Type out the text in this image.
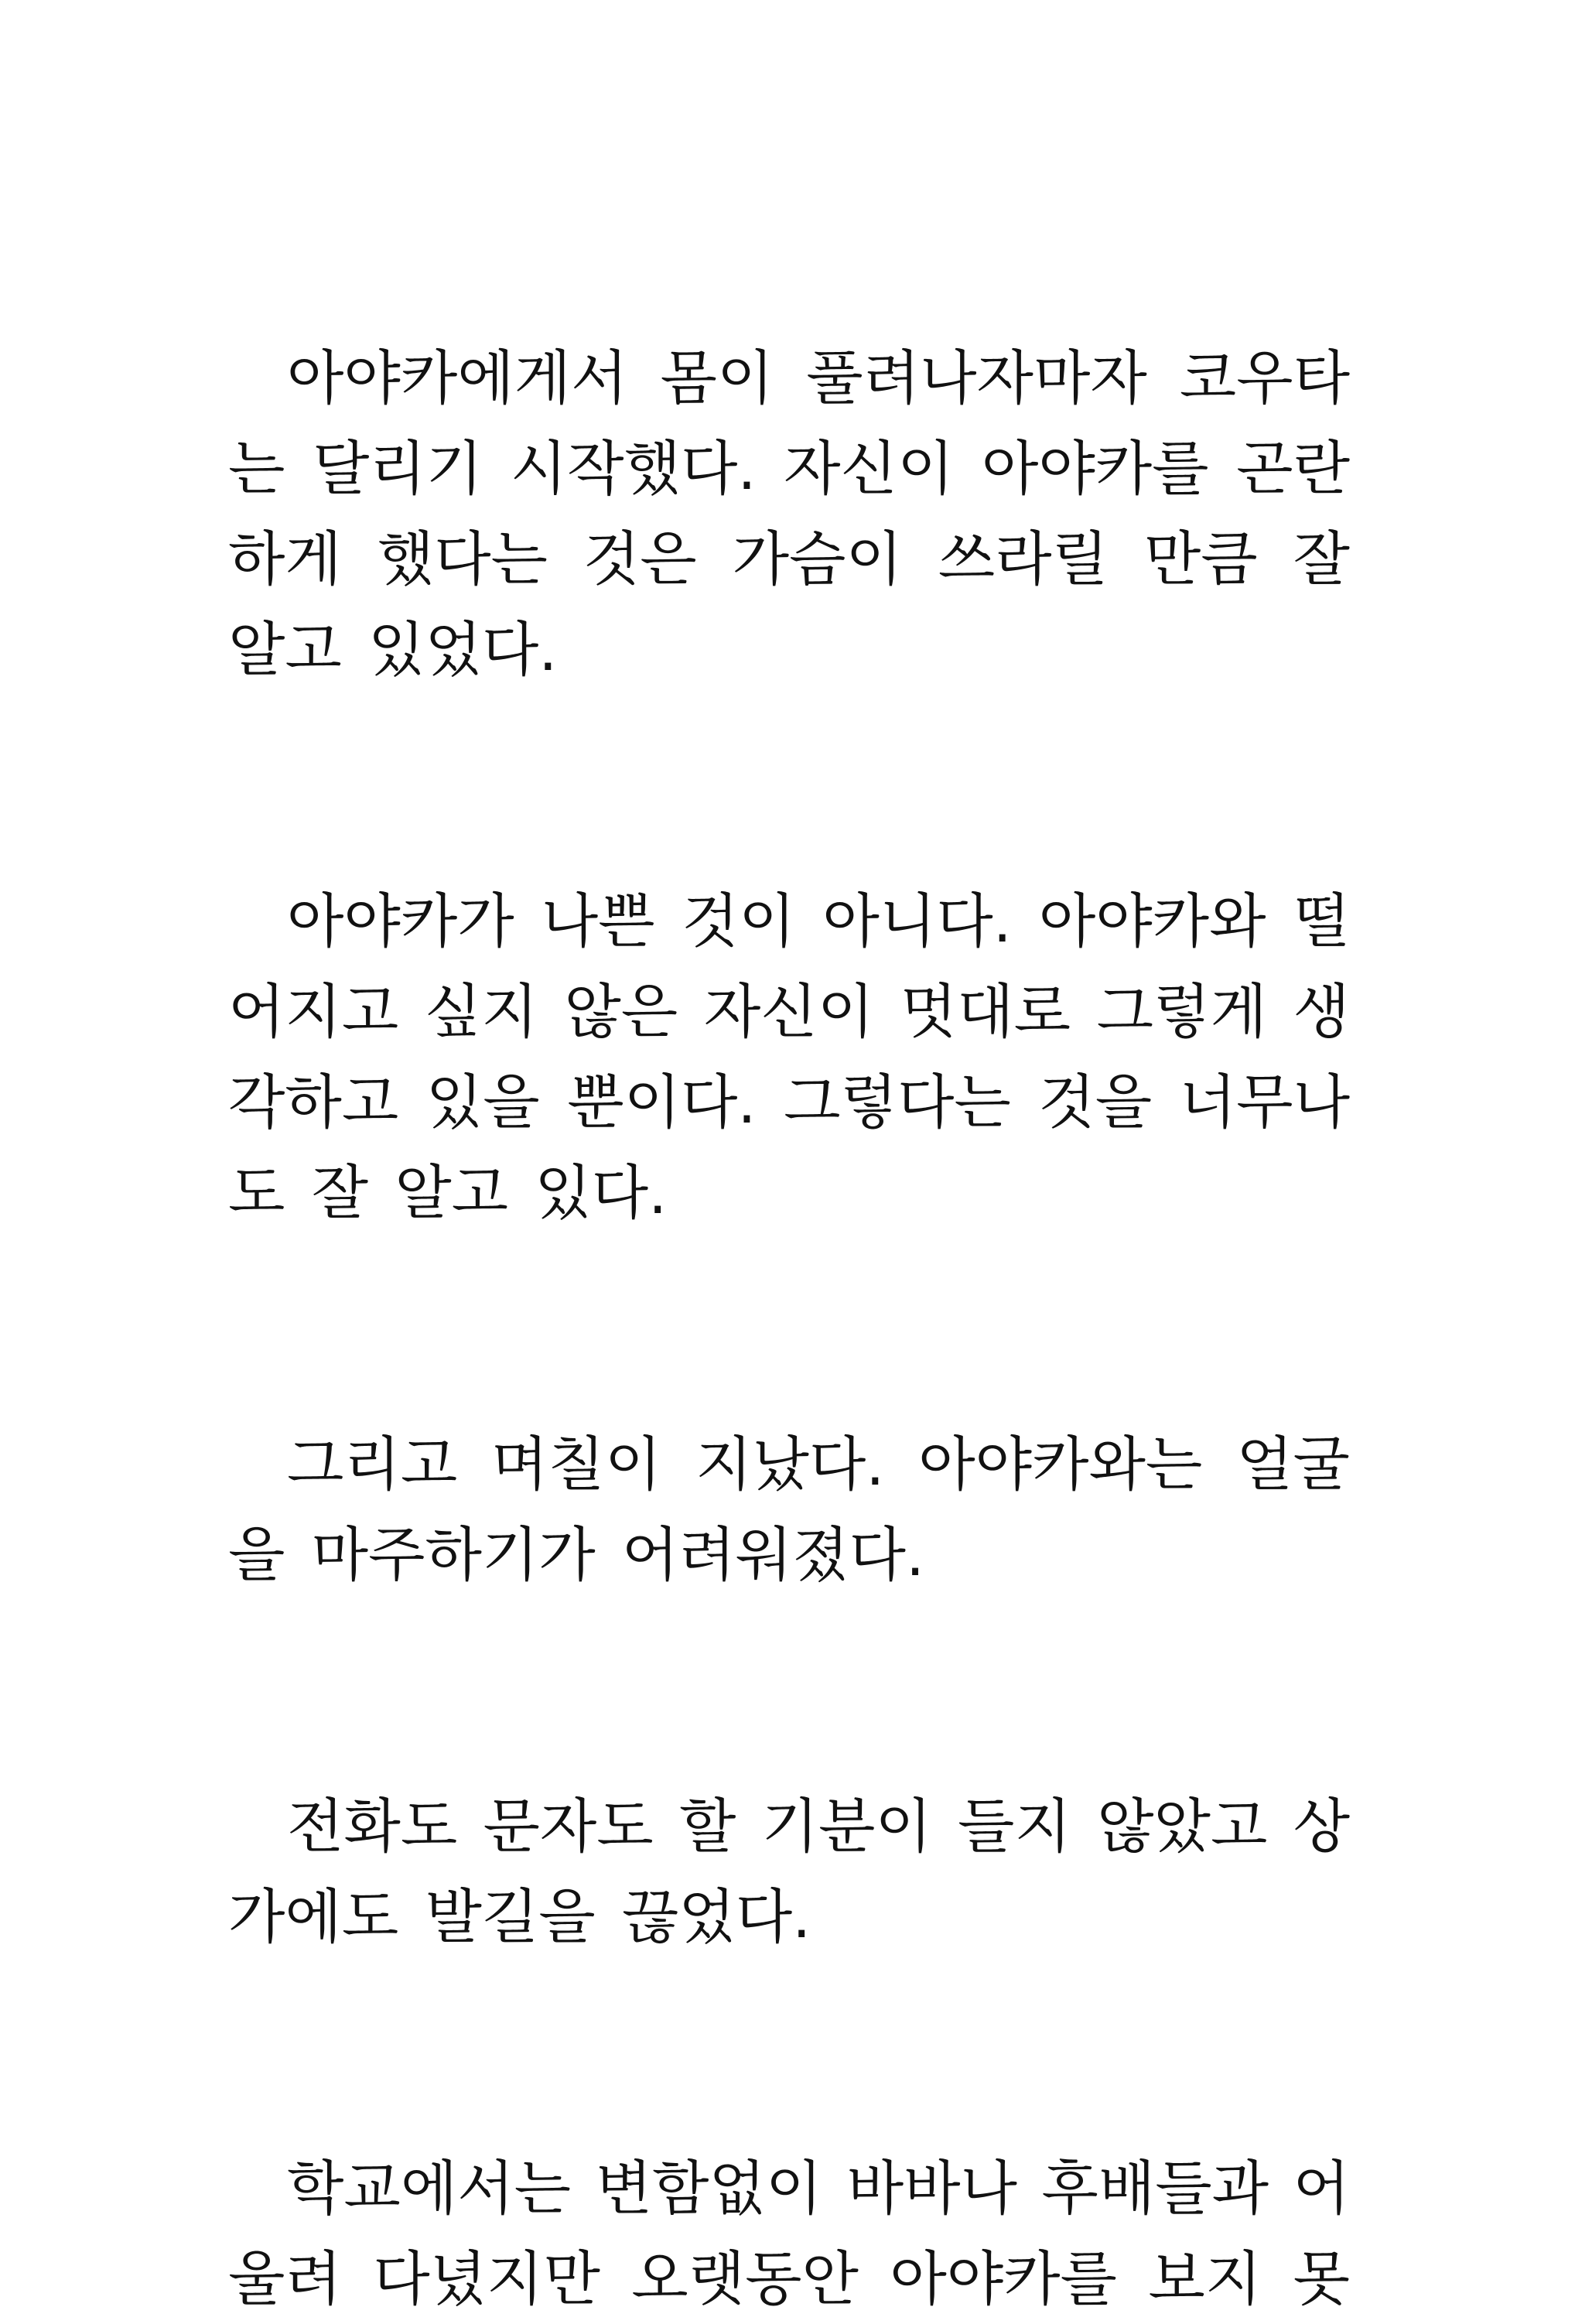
아야카에게서 몸이 풀려나자마자 코우타
는 달리기 시작했다. 자신이 아야카를 곤란
하게 했다는 것은 가슴이 쓰라릴 만큼 잘
알고 있었다.
아야카가 나쁜 것이 아니다. 아야카와 떨
어지고 싶지 않은 자신이 멋대로 그렇게 생
각하고 있을 뿐이다. 그렇다는 것을 너무나
도 잘 알고 있다.
그리고 며칠이 지났다. 아야카와는 얼굴
을 마주하기가 어려워졌다.
전화도 문자도 할 기분이 들지 않았고 상
가에도 발길을 끊었다.
학교에서는 변함없이 바바나 후배들과 어
울려 다녔지만 오랫동안 아야카를 보지 못
